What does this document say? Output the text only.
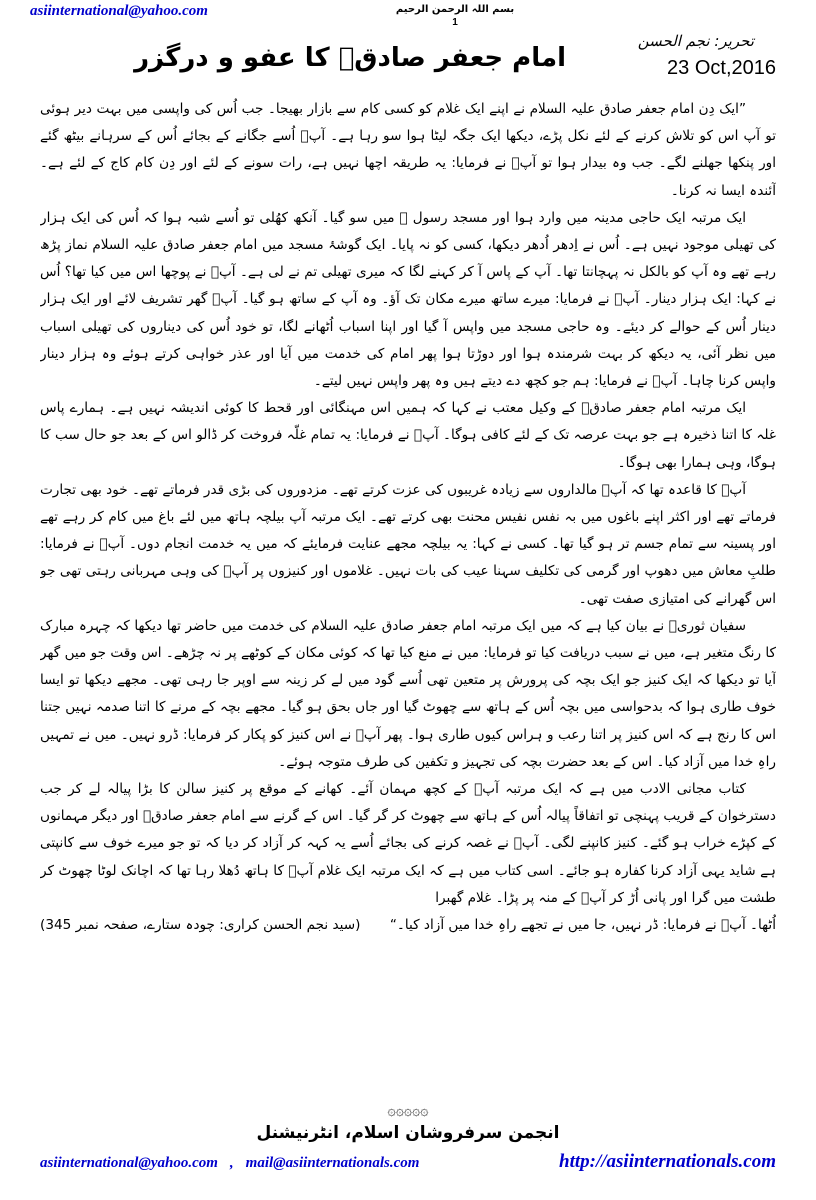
asiinternational@yahoo.com	بسم اللہ الرحمن الرحیم
1
امام جعفر صادقؑ کا عفو و درگزر
تحریر: نجم الحسن
23 Oct,2016

”ایک دِن امام جعفر صادق علیہ السلام نے اپنے ایک غلام کو کسی کام سے بازار بھیجا۔ جب اُس کی واپسی میں بہت دیر ہوئی تو آپ اس کو تلاش کرنے کے لئے نکل پڑے، دیکھا ایک جگہ لیٹا ہوا سو رہا ہے۔ آپؑ اُسے جگانے کے بجائے اُس کے سرہانے بیٹھ گئے اور پنکھا جھلنے لگے۔ جب وہ بیدار ہوا تو آپؑ نے فرمایا: یہ طریقہ اچھا نہیں ہے، رات سونے کے لئے اور دِن کام کاج کے لئے ہے۔ آئندہ ایسا نہ کرنا۔

ایک مرتبہ ایک حاجی مدینہ میں وارد ہوا اور مسجد رسول ﷺ میں سو گیا۔ آنکھ کھُلی تو اُسے شبہ ہوا کہ اُس کی ایک ہزار کی تھیلی موجود نہیں ہے۔ اُس نے اِدھر اُدھر دیکھا، کسی کو نہ پایا۔ ایک گوشۂ مسجد میں امام جعفر صادق علیہ السلام نماز پڑھ رہے تھے وہ آپ کو بالکل نہ پہچانتا تھا۔ آپ کے پاس آ کر کہنے لگا کہ میری تھیلی تم نے لی ہے۔ آپؑ نے پوچھا اس میں کیا تھا؟ اُس نے کہا: ایک ہزار دینار۔ آپؑ نے فرمایا: میرے ساتھ میرے مکان تک آؤ۔ وہ آپ کے ساتھ ہو گیا۔ آپؑ گھر تشریف لائے اور ایک ہزار دینار اُس کے حوالے کر دیئے۔ وہ حاجی مسجد میں واپس آ گیا اور اپنا اسباب اُٹھانے لگا، تو خود اُس کی دیناروں کی تھیلی اسباب میں نظر آئی، یہ دیکھ کر بہت شرمندہ ہوا اور دوڑتا ہوا پھر امام کی خدمت میں آیا اور عذر خواہی کرتے ہوئے وہ ہزار دینار واپس کرنا چاہا۔ آپؑ نے فرمایا: ہم جو کچھ دے دیتے ہیں وہ پھر واپس نہیں لیتے۔

ایک مرتبہ امام جعفر صادقؑ کے وکیل معتب نے کہا کہ ہمیں اس مہنگائی اور قحط کا کوئی اندیشہ نہیں ہے۔ ہمارے پاس غلہ کا اتنا ذخیرہ ہے جو بہت عرصہ تک کے لئے کافی ہوگا۔ آپؑ نے فرمایا: یہ تمام غلّہ فروخت کر ڈالو اس کے بعد جو حال سب کا ہوگا، وہی ہمارا بھی ہوگا۔

آپؑ کا قاعدہ تھا کہ آپؑ مالداروں سے زیادہ غریبوں کی عزت کرتے تھے۔ مزدوروں کی بڑی قدر فرماتے تھے۔ خود بھی تجارت فرماتے تھے اور اکثر اپنے باغوں میں بہ نفس نفیس محنت بھی کرتے تھے۔ ایک مرتبہ آپ بیلچہ ہاتھ میں لئے باغ میں کام کر رہے تھے اور پسینہ سے تمام جسم تر ہو گیا تھا۔ کسی نے کہا: یہ بیلچہ مجھے عنایت فرمایئے کہ میں یہ خدمت انجام دوں۔ آپؑ نے فرمایا: طلبِ معاش میں دھوپ اور گرمی کی تکلیف سہنا عیب کی بات نہیں۔ غلاموں اور کنیزوں پر آپؑ کی وہی مہربانی رہتی تھی جو اس گھرانے کی امتیازی صفت تھی۔

سفیان ثوریؒ نے بیان کیا ہے کہ میں ایک مرتبہ امام جعفر صادق علیہ السلام کی خدمت میں حاضر تھا دیکھا کہ چہرہ مبارک کا رنگ متغیر ہے، میں نے سبب دریافت کیا تو فرمایا: میں نے منع کیا تھا کہ کوئی مکان کے کوٹھے پر نہ چڑھے۔ اس وقت جو میں گھر آیا تو دیکھا کہ ایک کنیز جو ایک بچہ کی پرورش پر متعین تھی اُسے گود میں لے کر زینہ سے اوپر جا رہی تھی۔ مجھے دیکھا تو ایسا خوف طاری ہوا کہ بدحواسی میں بچہ اُس کے ہاتھ سے چھوٹ گیا اور جاں بحق ہو گیا۔ مجھے بچہ کے مرنے کا اتنا صدمہ نہیں جتنا اس کا رنج ہے کہ اس کنیز پر اتنا رعب و ہراس کیوں طاری ہوا۔ پھر آپؑ نے اس کنیز کو پکار کر فرمایا: ڈرو نہیں۔ میں نے تمہیں راہِ خدا میں آزاد کیا۔ اس کے بعد حضرت بچہ کی تجہیز و تکفین کی طرف متوجہ ہوئے۔

کتاب مجانی الادب میں ہے کہ ایک مرتبہ آپؑ کے کچھ مہمان آئے۔ کھانے کے موقع پر کنیز سالن کا بڑا پیالہ لے کر جب دسترخوان کے قریب پہنچی تو اتفاقاً پیالہ اُس کے ہاتھ سے چھوٹ کر گر گیا۔ اس کے گرنے سے امام جعفر صادقؑ اور دیگر مہمانوں کے کپڑے خراب ہو گئے۔ کنیز کانپنے لگی۔ آپؑ نے غصہ کرنے کی بجائے اُسے یہ کہہ کر آزاد کر دیا کہ تو جو میرے خوف سے کانپتی ہے شاید یہی آزاد کرنا کفارہ ہو جائے۔ اسی کتاب میں ہے کہ ایک مرتبہ ایک غلام آپؑ کا ہاتھ دُھلا رہا تھا کہ اچانک لوٹا چھوٹ کر طشت میں گرا اور پانی اُڑ کر آپؑ کے منہ پر پڑا۔ غلام گھبرا

اُٹھا۔ آپؑ نے فرمایا: ڈر نہیں، جا میں نے تجھے راہِ خدا میں آزاد کیا۔“
(سید نجم الحسن کراری: چودہ ستارے، صفحہ نمبر 345)
۞۞۞۞۞
انجمن سرفروشان اسلام، انٹرنیشنل
asiinternational@yahoo.com , mail@asiinternationals.com	http://asiinternationals.com
